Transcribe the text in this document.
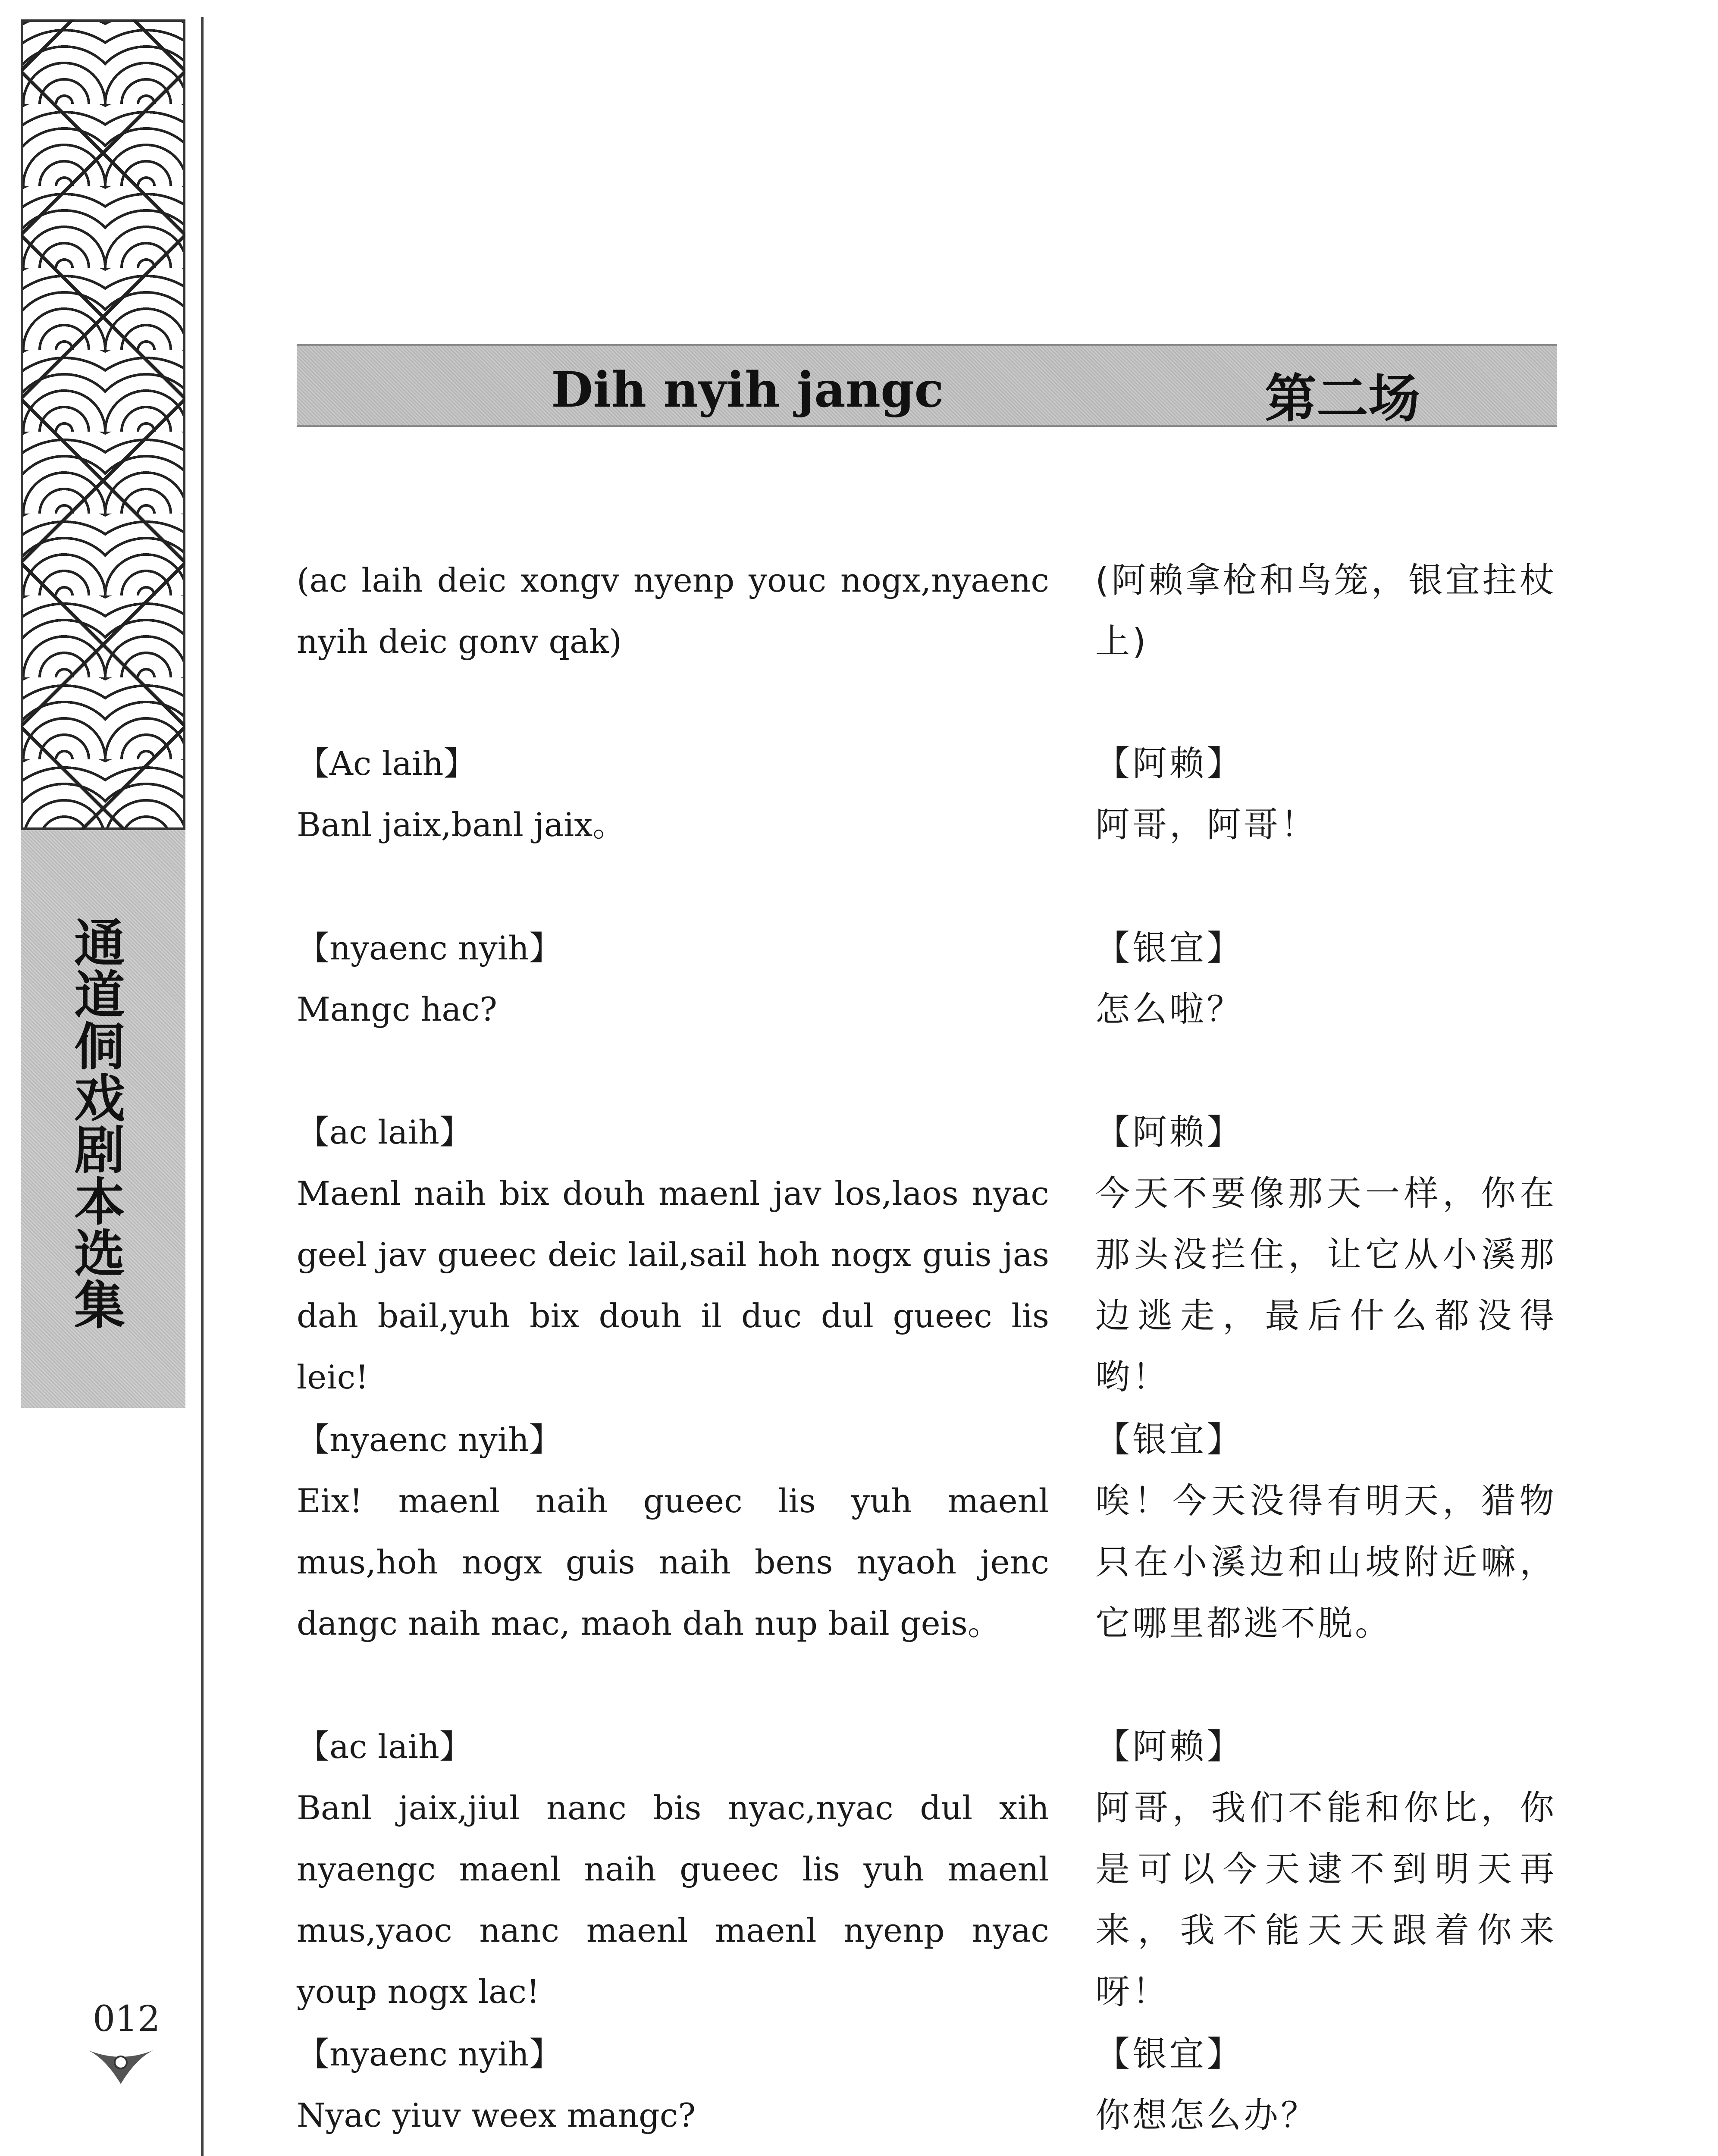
通道侗戏剧本选集
012
Dih nyih jangc	第二场
(ac laih deic xongv nyenp youc nogx,nyaenc nyih deic gonv qak)
(阿赖拿枪和鸟笼，银宜拄杖上)
【Ac laih】
Banl jaix,banl jaix。
【阿赖】
阿哥，阿哥！
【nyaenc nyih】
Mangc hac?
【银宜】
怎么啦？
【ac laih】
Maenl naih bix douh maenl jav los,laos nyac geel jav gueec deic lail,sail hoh nogx guis jas dah bail,yuh bix douh il duc dul gueec lis leic!
【阿赖】
今天不要像那天一样，你在那头没拦住，让它从小溪那边逃走，最后什么都没得哟！
【nyaenc nyih】
Eix! maenl naih gueec lis yuh maenl mus,hoh nogx guis naih bens nyaoh jenc dangc naih mac, maoh dah nup bail geis。
【银宜】
唉！今天没得有明天，猎物只在小溪边和山坡附近嘛，它哪里都逃不脱。
【ac laih】
Banl jaix,jiul nanc bis nyac,nyac dul xih nyaengc maenl naih gueec lis yuh maenl mus,yaoc nanc maenl maenl nyenp nyac youp nogx lac!
【阿赖】
阿哥，我们不能和你比，你是可以今天逮不到明天再来，我不能天天跟着你来呀！
【nyaenc nyih】
Nyac yiuv weex mangc?
【银宜】
你想怎么办？
